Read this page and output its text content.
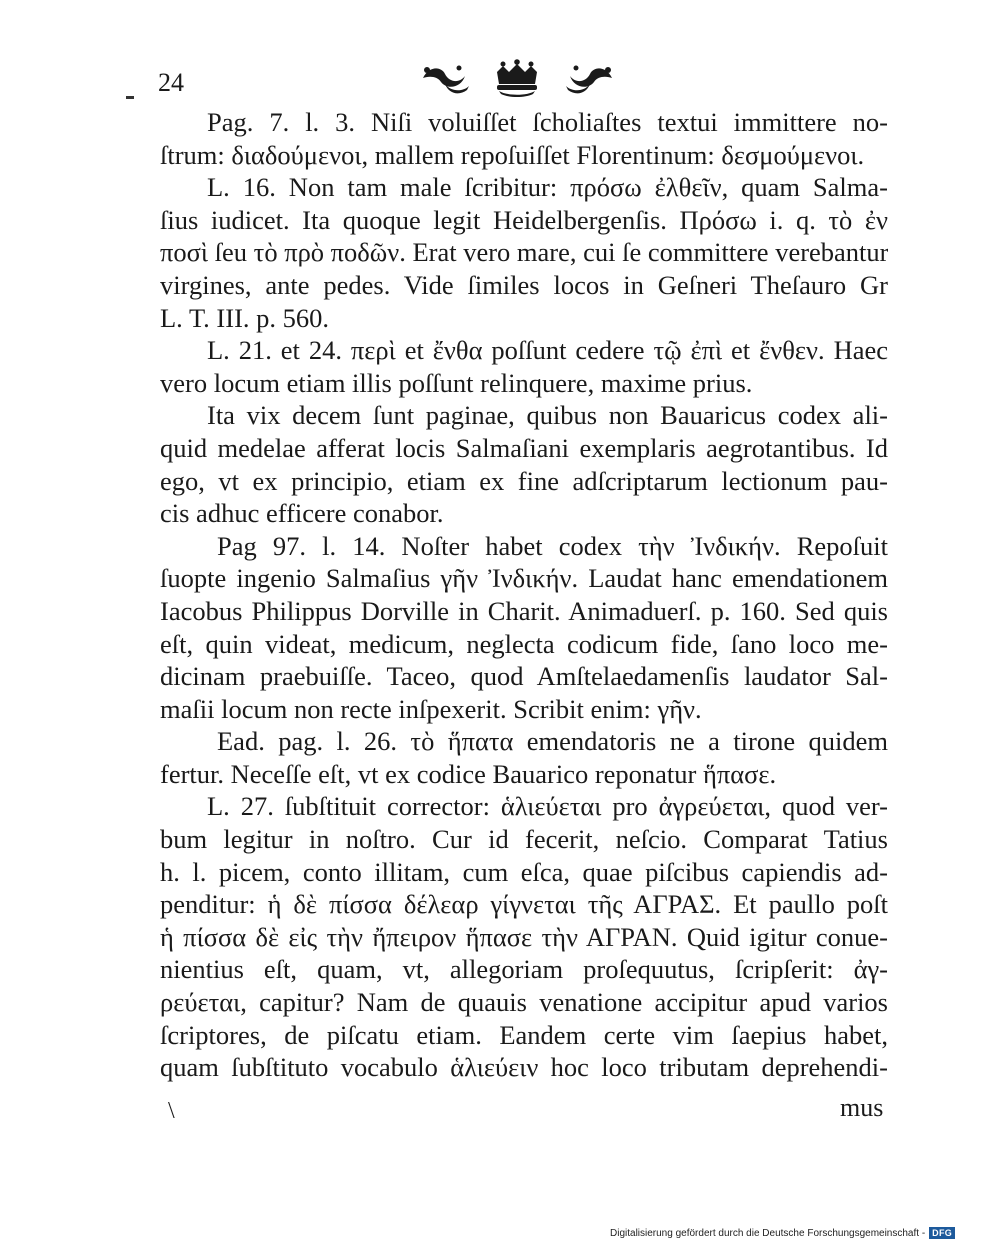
24
Pag. 7. l. 3. Niſi voluiſſet ſcholiaſtes textui immittere no-
ſtrum: διαδούμενοι, mallem repoſuiſſet Florentinum: δεσμούμενοι.
L. 16. Non tam male ſcribitur: πρόσω ἐλθεῖν, quam Salma-
ſius iudicet. Ita quoque legit Heidelbergenſis. Πρόσω i. q. τὸ ἐν
ποσὶ ſeu τὸ πρὸ ποδῶν. Erat vero mare, cui ſe committere verebantur
virgines, ante pedes. Vide ſimiles locos in Geſneri Theſauro Gr
L. T. III. p. 560.
L. 21. et 24. περὶ et ἔνθα poſſunt cedere τῷ ἐπὶ et ἔνθεν. Haec
vero locum etiam illis poſſunt relinquere, maxime prius.
Ita vix decem ſunt paginae, quibus non Bauaricus codex ali-
quid medelae afferat locis Salmaſiani exemplaris aegrotantibus. Id
ego, vt ex principio, etiam ex fine adſcriptarum lectionum pau-
cis adhuc efficere conabor.
Pag 97. l. 14. Noſter habet codex τὴν Ἰνδικήν. Repoſuit
ſuopte ingenio Salmaſius γῆν Ἰνδικήν. Laudat hanc emendationem
Iacobus Philippus Dorville in Charit. Animaduerſ. p. 160. Sed quis
eſt, quin videat, medicum, neglecta codicum fide, ſano loco me-
dicinam praebuiſſe. Taceo, quod Amſtelaedamenſis laudator Sal-
maſii locum non recte inſpexerit. Scribit enim: γῆν.
Ead. pag. l. 26. τὸ ἥπατα emendatoris ne a tirone quidem
fertur. Neceſſe eſt, vt ex codice Bauarico reponatur ἥπασε.
L. 27. ſubſtituit corrector: ἁλιεύεται pro ἀγρεύεται, quod ver-
bum legitur in noſtro. Cur id fecerit, neſcio. Comparat Tatius
h. l. picem, conto illitam, cum eſca, quae piſcibus capiendis ad-
penditur: ἡ δὲ πίσσα δέλεαρ γίγνεται τῆς ΑΓΡΑΣ. Et paullo poſt
ἡ πίσσα δὲ εἰς τὴν ἤπειρον ἥπασε τὴν ΑΓΡΑΝ. Quid igitur conue-
nientius eſt, quam, vt, allegoriam proſequutus, ſcripſerit: ἀγ-
ρεύεται, capitur? Nam de quauis venatione accipitur apud varios
ſcriptores, de piſcatu etiam. Eandem certe vim ſaepius habet,
quam ſubſtituto vocabulo ἁλιεύειν hoc loco tributam deprehendi-
\	mus
Digitalisierung gefördert durch die Deutsche Forschungsgemeinschaft - DFG
